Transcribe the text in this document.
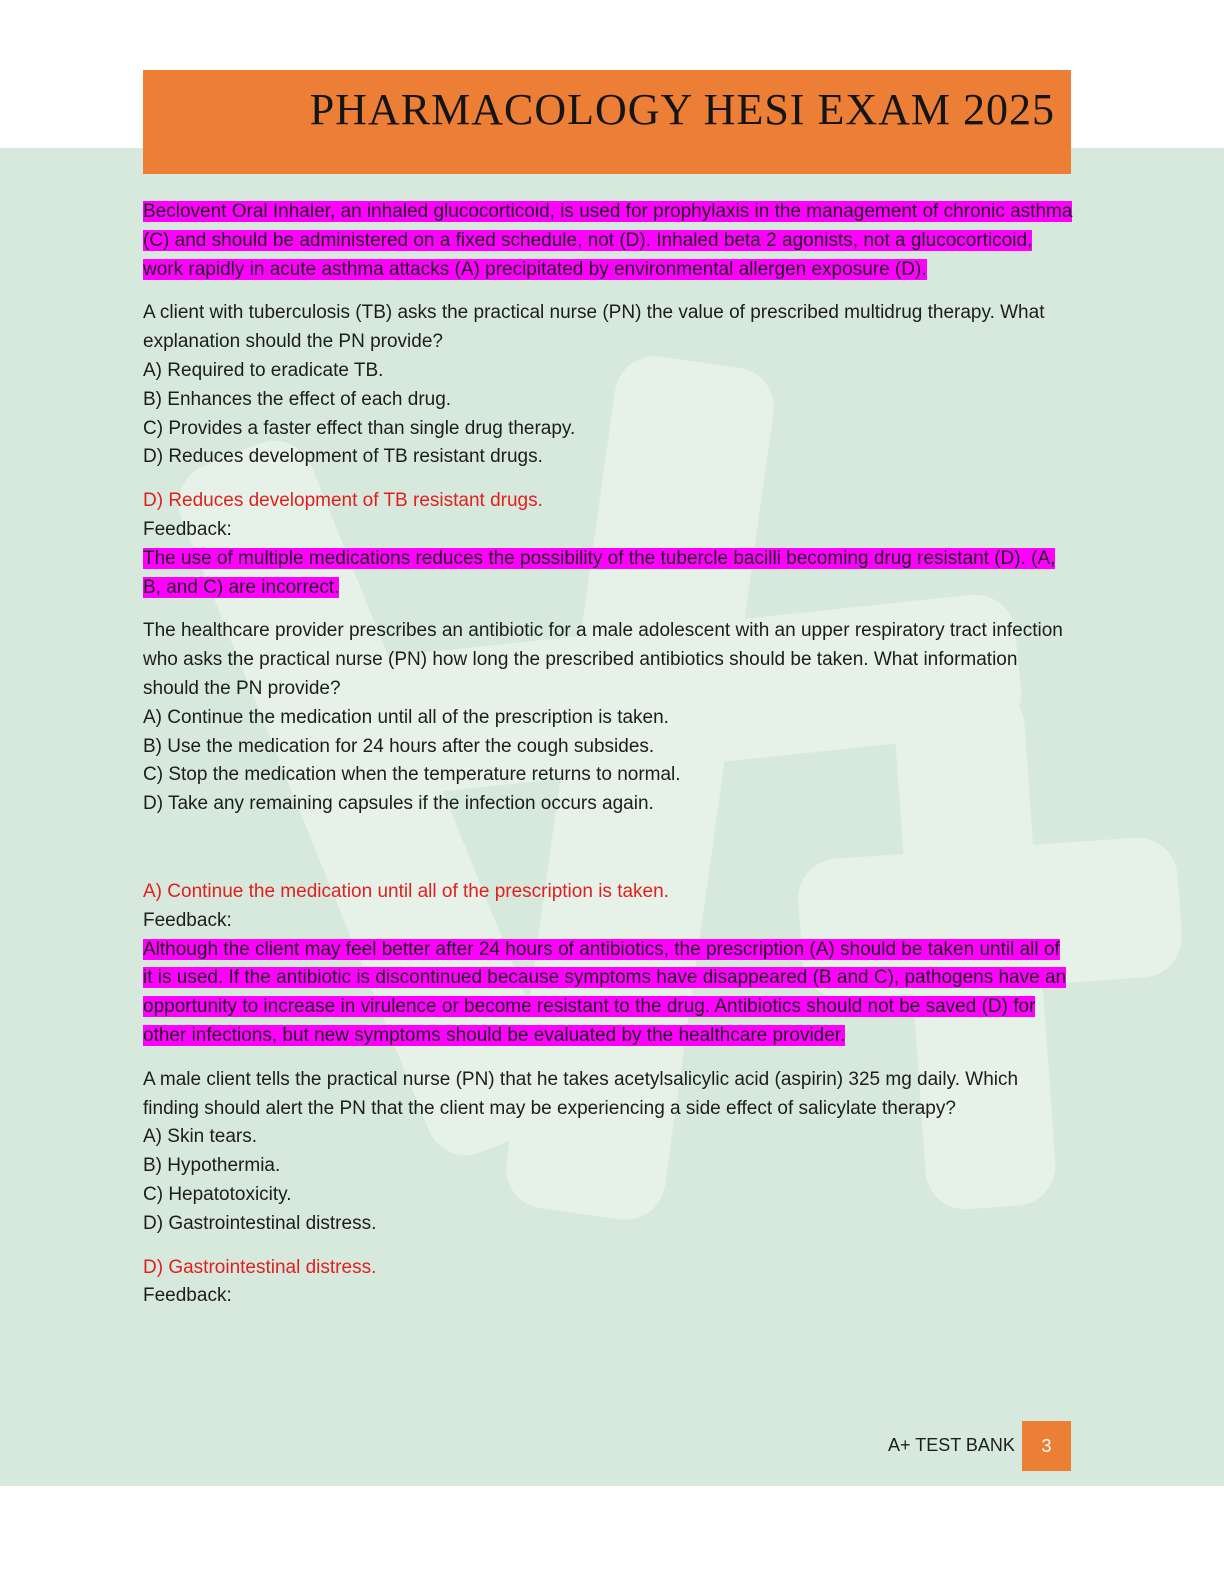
PHARMACOLOGY HESI EXAM 2025

Beclovent Oral Inhaler, an inhaled glucocorticoid, is used for prophylaxis in the management of chronic asthma (C) and should be administered on a fixed schedule, not (D). Inhaled beta 2 agonists, not a glucocorticoid, work rapidly in acute asthma attacks (A) precipitated by environmental allergen exposure (D).

A client with tuberculosis (TB) asks the practical nurse (PN) the value of prescribed multidrug therapy. What explanation should the PN provide?

A) Required to eradicate TB.

B) Enhances the effect of each drug.

C) Provides a faster effect than single drug therapy.

D) Reduces development of TB resistant drugs.

D) Reduces development of TB resistant drugs.

Feedback:

The use of multiple medications reduces the possibility of the tubercle bacilli becoming drug resistant (D). (A, B, and C) are incorrect.

The healthcare provider prescribes an antibiotic for a male adolescent with an upper respiratory tract infection who asks the practical nurse (PN) how long the prescribed antibiotics should be taken. What information should the PN provide?

A) Continue the medication until all of the prescription is taken.

B) Use the medication for 24 hours after the cough subsides.

C) Stop the medication when the temperature returns to normal.

D) Take any remaining capsules if the infection occurs again.

A) Continue the medication until all of the prescription is taken.

Feedback:

Although the client may feel better after 24 hours of antibiotics, the prescription (A) should be taken until all of it is used. If the antibiotic is discontinued because symptoms have disappeared (B and C), pathogens have an opportunity to increase in virulence or become resistant to the drug. Antibiotics should not be saved (D) for other infections, but new symptoms should be evaluated by the healthcare provider.

A male client tells the practical nurse (PN) that he takes acetylsalicylic acid (aspirin) 325 mg daily. Which finding should alert the PN that the client may be experiencing a side effect of salicylate therapy?

A) Skin tears.

B) Hypothermia.

C) Hepatotoxicity.

D) Gastrointestinal distress.

D) Gastrointestinal distress.

Feedback:

A+ TEST BANK	3
